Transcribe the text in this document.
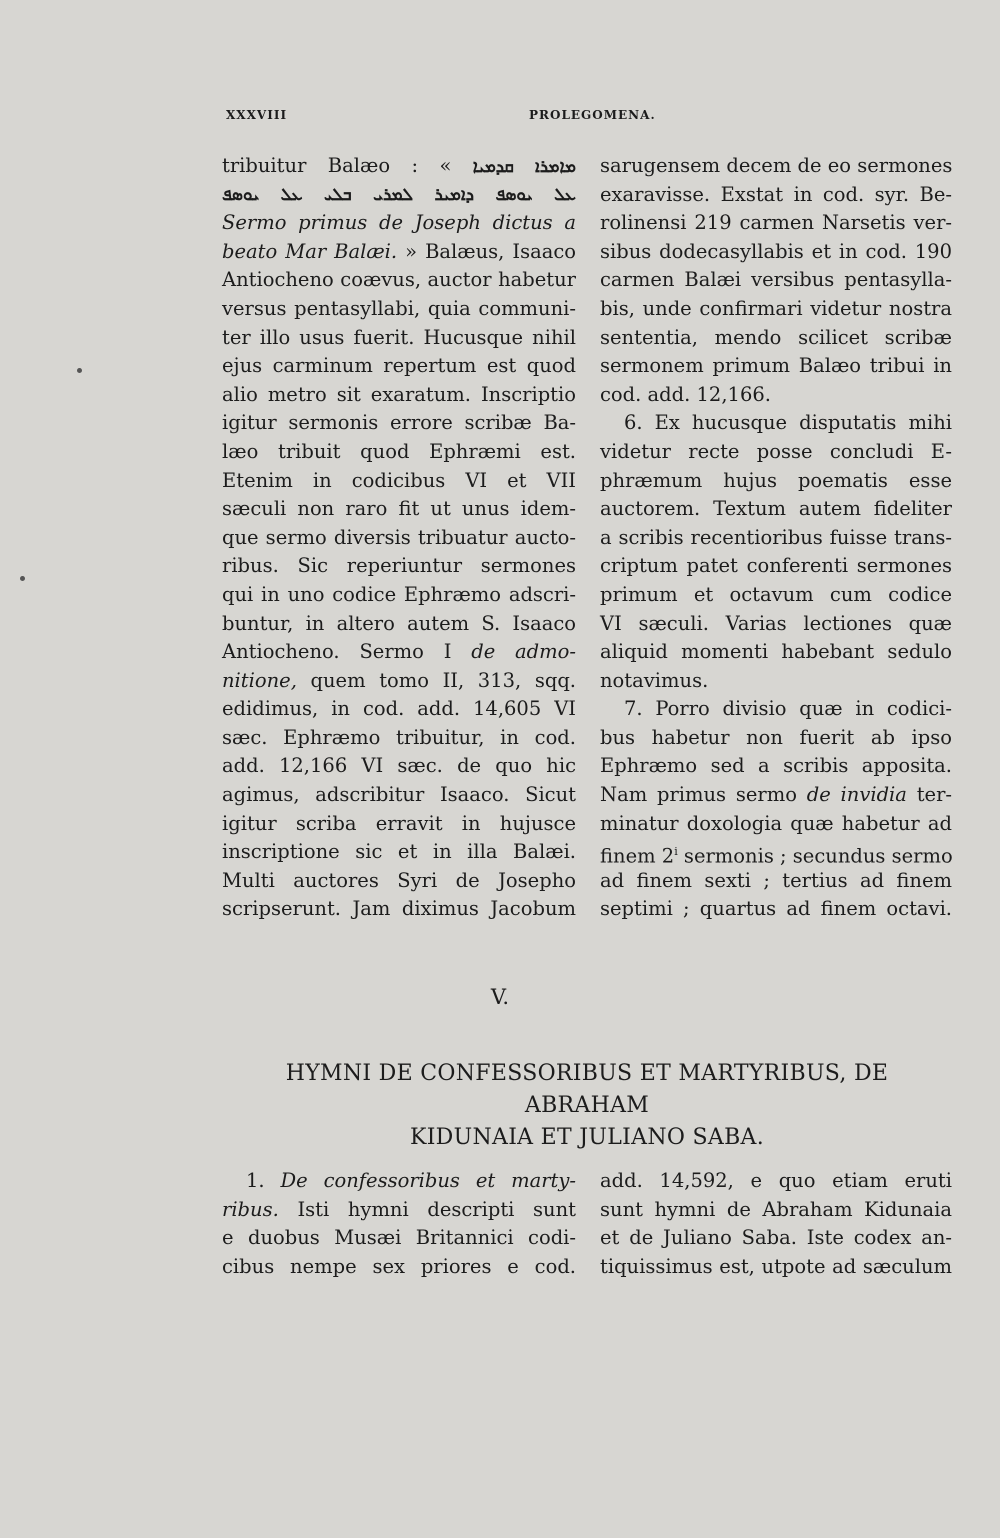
XXXVIII	PROLEGOMENA.
tribuitur Balæo : « ܡܐܡܪܐ ܩܕܡܝܐ
ܥܠ ܝܘܣܦ ܕܐܡܝܪ ܠܡܪܝ ܒܠܝ ܥܠ ܝܘܣܦ
Sermo primus de Joseph dictus a
beato Mar Balæi. » Balæus, Isaaco
Antiocheno coævus, auctor habetur
versus pentasyllabi, quia communi-
ter illo usus fuerit. Hucusque nihil
ejus carminum repertum est quod
alio metro sit exaratum. Inscriptio
igitur sermonis errore scribæ Ba-
læo tribuit quod Ephræmi est.
Etenim in codicibus VI et VII
sæculi non raro fit ut unus idem-
que sermo diversis tribuatur aucto-
ribus. Sic reperiuntur sermones
qui in uno codice Ephræmo adscri-
buntur, in altero autem S. Isaaco
Antiocheno. Sermo I de admo-
nitione, quem tomo II, 313, sqq.
edidimus, in cod. add. 14,605 VI
sæc. Ephræmo tribuitur, in cod.
add. 12,166 VI sæc. de quo hic
agimus, adscribitur Isaaco. Sicut
igitur scriba erravit in hujusce
inscriptione sic et in illa Balæi.
Multi auctores Syri de Josepho
scripserunt. Jam diximus Jacobum
sarugensem decem de eo sermones
exaravisse. Exstat in cod. syr. Be-
rolinensi 219 carmen Narsetis ver-
sibus dodecasyllabis et in cod. 190
carmen Balæi versibus pentasylla-
bis, unde confirmari videtur nostra
sententia, mendo scilicet scribæ
sermonem primum Balæo tribui in
cod. add. 12,166.
6. Ex hucusque disputatis mihi
videtur recte posse concludi E-
phræmum hujus poematis esse
auctorem. Textum autem fideliter
a scribis recentioribus fuisse trans-
criptum patet conferenti sermones
primum et octavum cum codice
VI sæculi. Varias lectiones quæ
aliquid momenti habebant sedulo
notavimus.
7. Porro divisio quæ in codici-
bus habetur non fuerit ab ipso
Ephræmo sed a scribis apposita.
Nam primus sermo de invidia ter-
minatur doxologia quæ habetur ad
finem 2$^i$ sermonis ; secundus sermo
ad finem sexti ; tertius ad finem
septimi ; quartus ad finem octavi.
V.
HYMNI DE CONFESSORIBUS ET MARTYRIBUS, DE ABRAHAM
KIDUNAIA ET JULIANO SABA.
1. De confessoribus et marty-
ribus. Isti hymni descripti sunt
e duobus Musæi Britannici codi-
cibus nempe sex priores e cod.
add. 14,592, e quo etiam eruti
sunt hymni de Abraham Kidunaia
et de Juliano Saba. Iste codex an-
tiquissimus est, utpote ad sæculum
